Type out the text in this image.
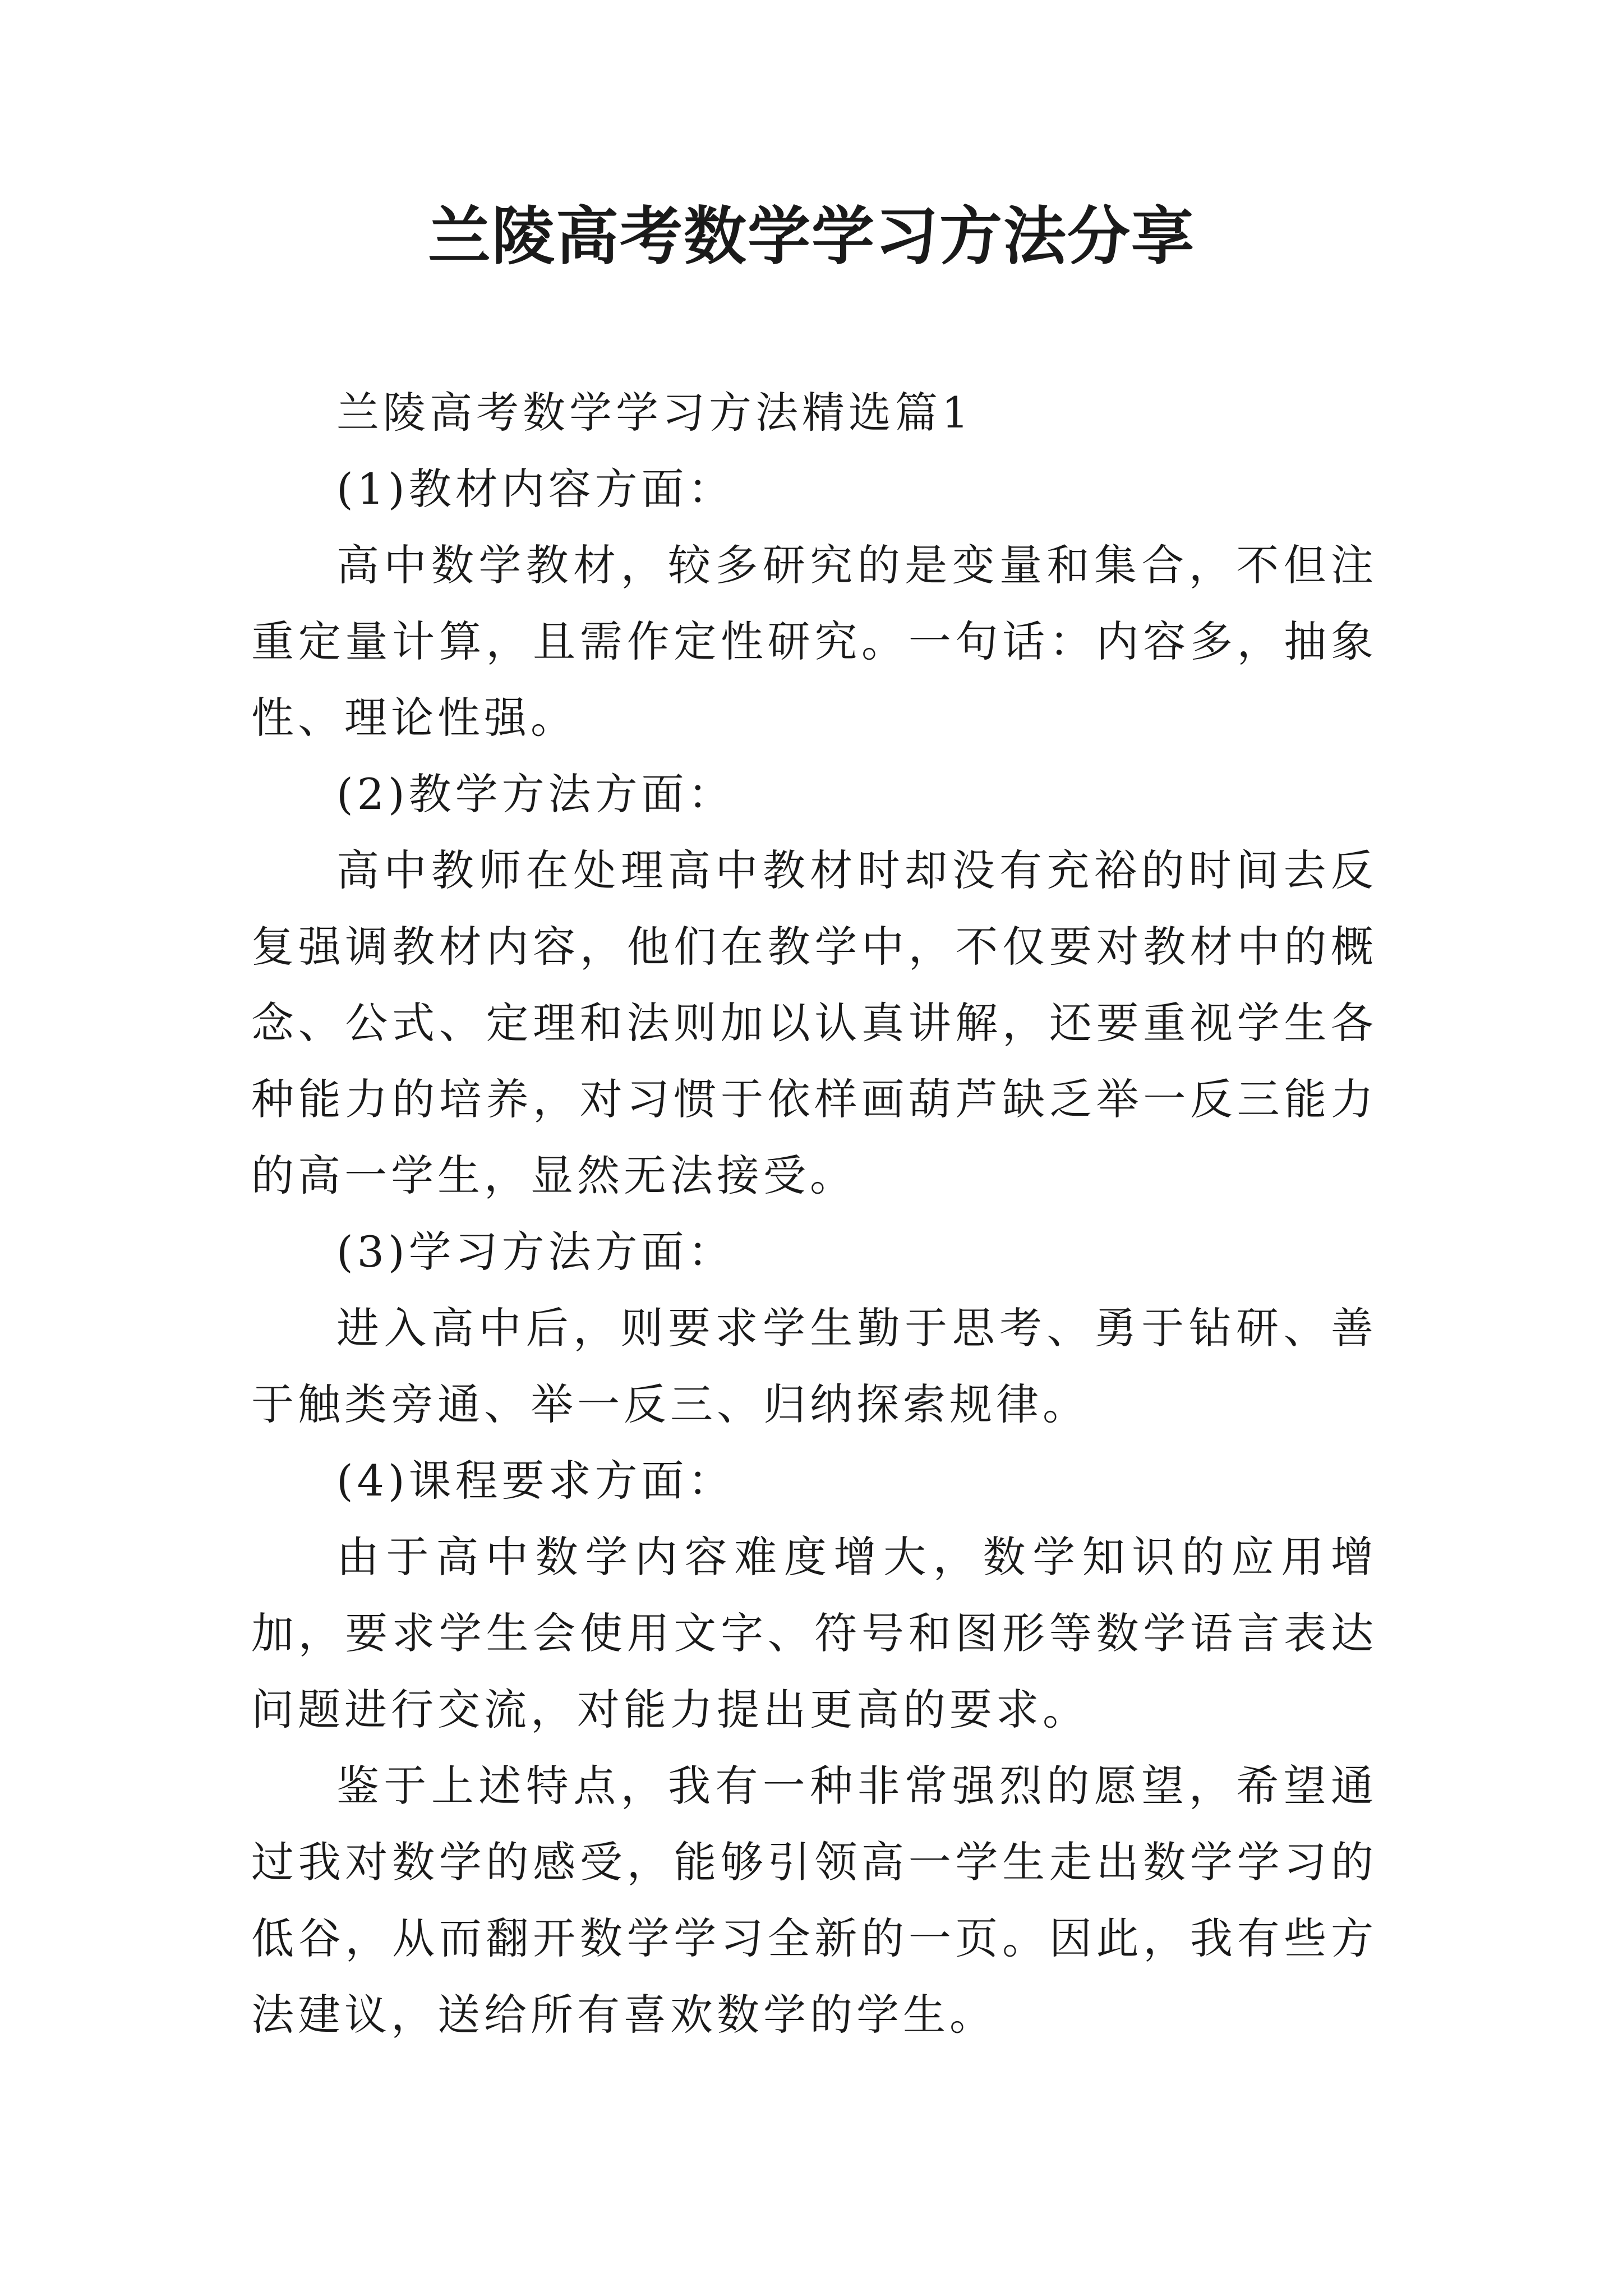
兰陵高考数学学习方法分享

兰陵高考数学学习方法精选篇1

(1)教材内容方面：

高中数学教材，较多研究的是变量和集合，不但注重定量计算，且需作定性研究。一句话：内容多，抽象性、理论性强。

(2)教学方法方面：

高中教师在处理高中教材时却没有充裕的时间去反复强调教材内容，他们在教学中，不仅要对教材中的概念、公式、定理和法则加以认真讲解，还要重视学生各种能力的培养，对习惯于依样画葫芦缺乏举一反三能力的高一学生，显然无法接受。

(3)学习方法方面：

进入高中后，则要求学生勤于思考、勇于钻研、善于触类旁通、举一反三、归纳探索规律。

(4)课程要求方面：

由于高中数学内容难度增大，数学知识的应用增加，要求学生会使用文字、符号和图形等数学语言表达问题进行交流，对能力提出更高的要求。

鉴于上述特点，我有一种非常强烈的愿望，希望通过我对数学的感受，能够引领高一学生走出数学学习的低谷，从而翻开数学学习全新的一页。因此，我有些方法建议，送给所有喜欢数学的学生。
